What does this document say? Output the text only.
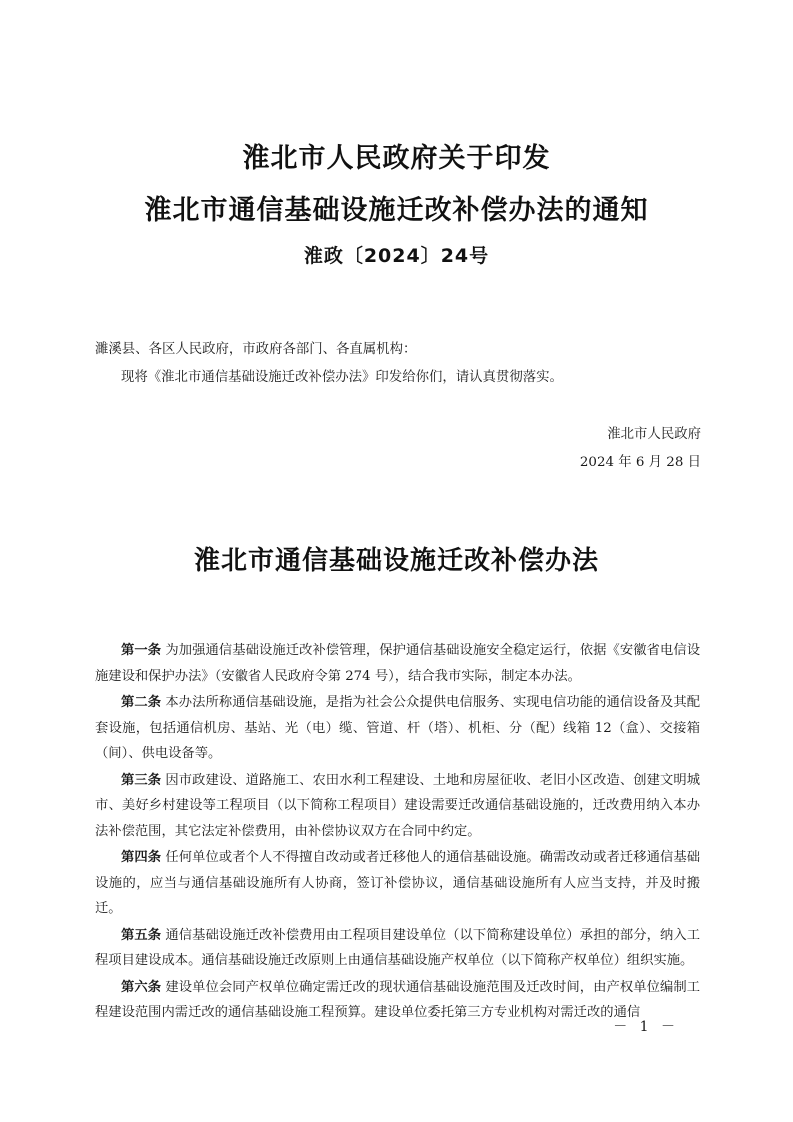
淮北市人民政府关于印发
淮北市通信基础设施迁改补偿办法的通知
淮政〔2024〕24号
濉溪县、各区人民政府，市政府各部门、各直属机构：
现将《淮北市通信基础设施迁改补偿办法》印发给你们，请认真贯彻落实。
淮北市人民政府
2024 年 6 月 28 日
淮北市通信基础设施迁改补偿办法

第一条 为加强通信基础设施迁改补偿管理，保护通信基础设施安全稳定运行，依据《安徽省电信设施建设和保护办法》（安徽省人民政府令第 274 号），结合我市实际，制定本办法。

第二条 本办法所称通信基础设施，是指为社会公众提供电信服务、实现电信功能的通信设备及其配套设施，包括通信机房、基站、光（电）缆、管道、杆（塔）、机柜、分（配）线箱 12（盒）、交接箱（间）、供电设备等。

第三条 因市政建设、道路施工、农田水利工程建设、土地和房屋征收、老旧小区改造、创建文明城市、美好乡村建设等工程项目（以下简称工程项目）建设需要迁改通信基础设施的，迁改费用纳入本办法补偿范围，其它法定补偿费用，由补偿协议双方在合同中约定。

第四条 任何单位或者个人不得擅自改动或者迁移他人的通信基础设施。确需改动或者迁移通信基础设施的，应当与通信基础设施所有人协商，签订补偿协议，通信基础设施所有人应当支持，并及时搬迁。

第五条 通信基础设施迁改补偿费用由工程项目建设单位（以下简称建设单位）承担的部分，纳入工程项目建设成本。通信基础设施迁改原则上由通信基础设施产权单位（以下简称产权单位）组织实施。

第六条 建设单位会同产权单位确定需迁改的现状通信基础设施范围及迁改时间，由产权单位编制工程建设范围内需迁改的通信基础设施工程预算。建设单位委托第三方专业机构对需迁改的通信

－ 1 －
